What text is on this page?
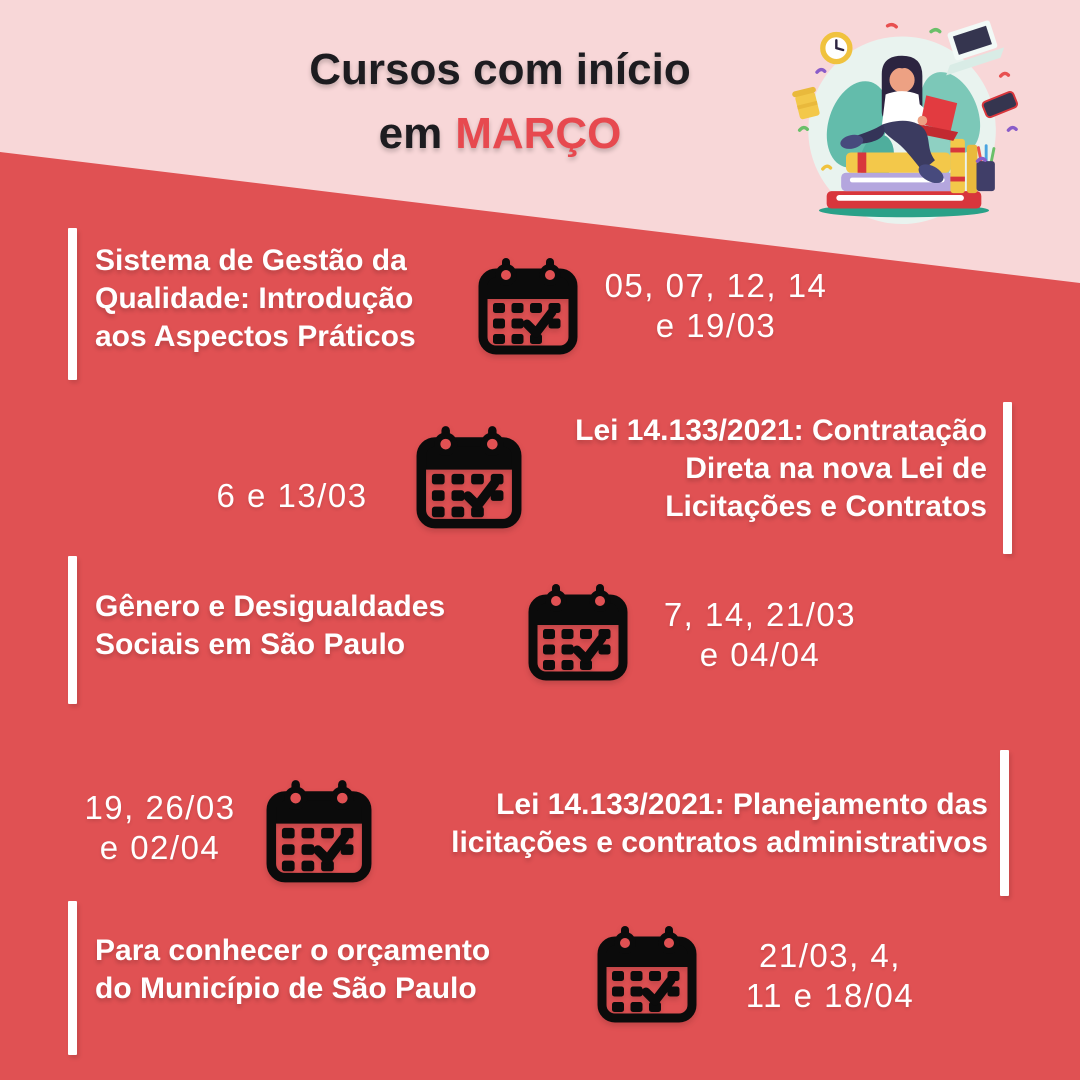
Cursos com início
em MARÇO
Sistema de Gestão da
Qualidade: Introdução
aos Aspectos Práticos
05, 07, 12, 14
e 19/03
6 e 13/03
Lei 14.133/2021: Contratação
Direta na nova Lei de
Licitações e Contratos
Gênero e Desigualdades
Sociais em São Paulo
7, 14, 21/03
e 04/04
19, 26/03
e 02/04
Lei 14.133/2021: Planejamento das
licitações e contratos administrativos
Para conhecer o orçamento
do Município de São Paulo
21/03, 4,
11 e 18/04
